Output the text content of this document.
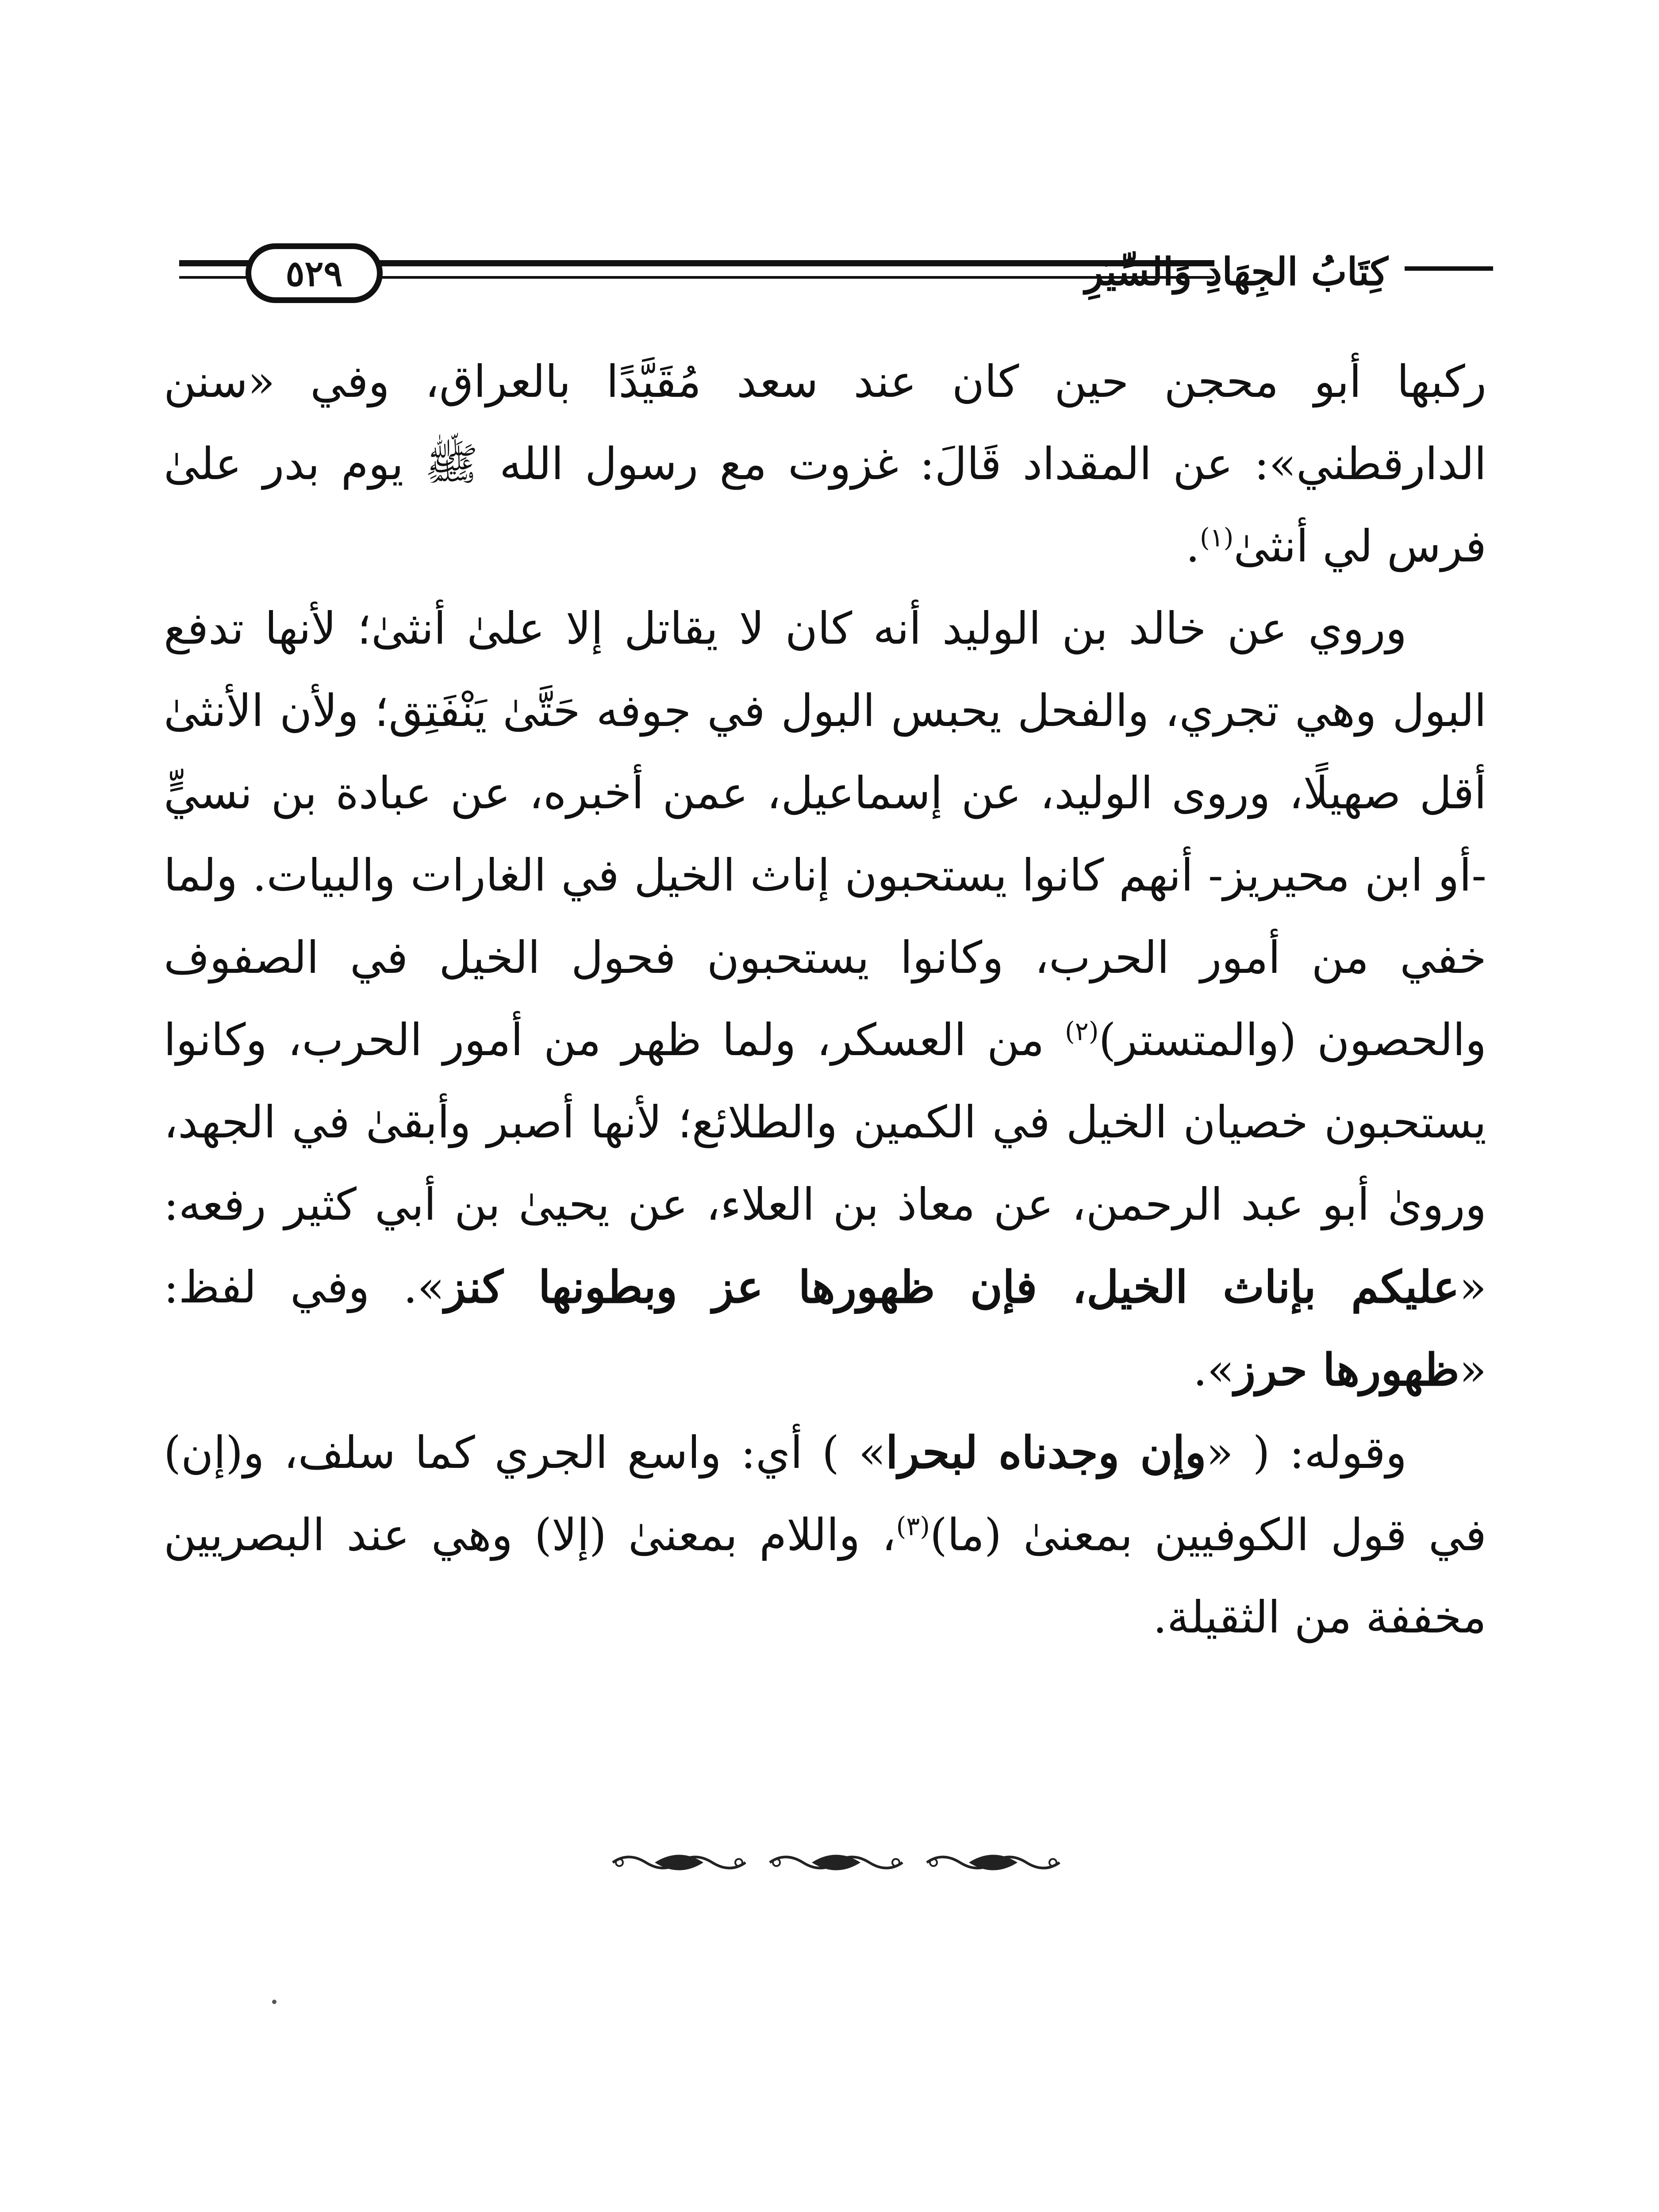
كِتَابُ الجِهَادِ وَالسِّيَرِ
٥٢٩

ركبها أبو محجن حين كان عند سعد مُقَيَّدًا بالعراق، وفي «سنن الدارقطني»: عن المقداد قَالَ: غزوت مع رسول الله ﷺ يوم بدر علىٰ فرس لي أنثىٰ$^{(١)}$.

وروي عن خالد بن الوليد أنه كان لا يقاتل إلا علىٰ أنثىٰ؛ لأنها تدفع البول وهي تجري، والفحل يحبس البول في جوفه حَتَّىٰ يَنْفَتِق؛ ولأن الأنثىٰ أقل صهيلًا، وروى الوليد، عن إسماعيل، عمن أخبره، عن عبادة بن نسيٍّ -أو ابن محيريز- أنهم كانوا يستحبون إناث الخيل في الغارات والبيات. ولما خفي من أمور الحرب، وكانوا يستحبون فحول الخيل في الصفوف والحصون (والمتستر)$^{(٢)}$ من العسكر، ولما ظهر من أمور الحرب، وكانوا يستحبون خصيان الخيل في الكمين والطلائع؛ لأنها أصبر وأبقىٰ في الجهد، ورویٰ أبو عبد الرحمن، عن معاذ بن العلاء، عن يحيىٰ بن أبي كثير رفعه: «عليكم بإناث الخيل، فإن ظهورها عز وبطونها كنز». وفي لفظ: «ظهورها حرز».

وقوله: ( «وإن وجدناه لبحرا» ) أي: واسع الجري كما سلف، و(إن) في قول الكوفيين بمعنىٰ (ما)$^{(٣)}$، واللام بمعنىٰ (إلا) وهي عند البصريين مخففة من الثقيلة.
